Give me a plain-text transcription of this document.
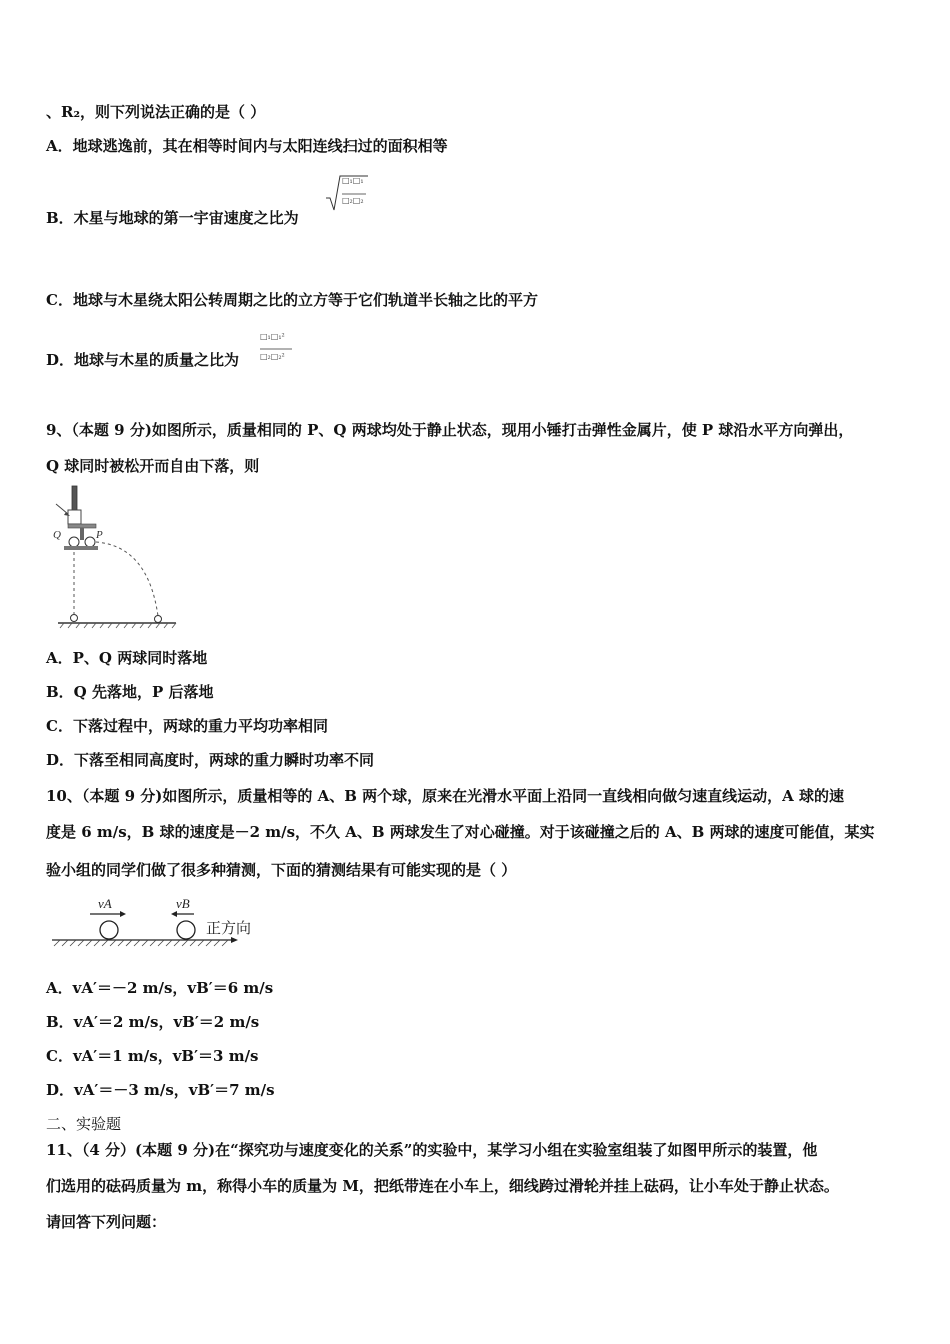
、R₂，则下列说法正确的是（ ）
A．地球逃逸前，其在相等时间内与太阳连线扫过的面积相等
B．木星与地球的第一宇宙速度之比为
□₁□₁
□₂□₂
C．地球与木星绕太阳公转周期之比的立方等于它们轨道半长轴之比的平方
D．地球与木星的质量之比为
□₁□₁²
□₂□₂²
9、（本题 9 分)如图所示，质量相同的 P、Q 两球均处于静止状态，现用小锤打击弹性金属片，使 P 球沿水平方向弹出，
Q 球同时被松开而自由下落，则
Q	P
A．P、Q 两球同时落地
B．Q 先落地，P 后落地
C．下落过程中，两球的重力平均功率相同
D．下落至相同高度时，两球的重力瞬时功率不同
10、（本题 9 分)如图所示，质量相等的 A、B 两个球，原来在光滑水平面上沿同一直线相向做匀速直线运动，A 球的速
度是 6 m/s，B 球的速度是－2 m/s，不久 A、B 两球发生了对心碰撞。对于该碰撞之后的 A、B 两球的速度可能值，某实
验小组的同学们做了很多种猜测，下面的猜测结果有可能实现的是（ ）
vA	vB
正方向
A．vA′＝－2 m/s，vB′＝6 m/s
B．vA′＝2 m/s，vB′＝2 m/s
C．vA′＝1 m/s，vB′＝3 m/s
D．vA′＝－3 m/s，vB′＝7 m/s
二、实验题
11、（4 分）(本题 9 分)在“探究功与速度变化的关系”的实验中，某学习小组在实验室组装了如图甲所示的装置，他
们选用的砝码质量为 m，称得小车的质量为 M，把纸带连在小车上，细线跨过滑轮并挂上砝码，让小车处于静止状态。
请回答下列问题：
